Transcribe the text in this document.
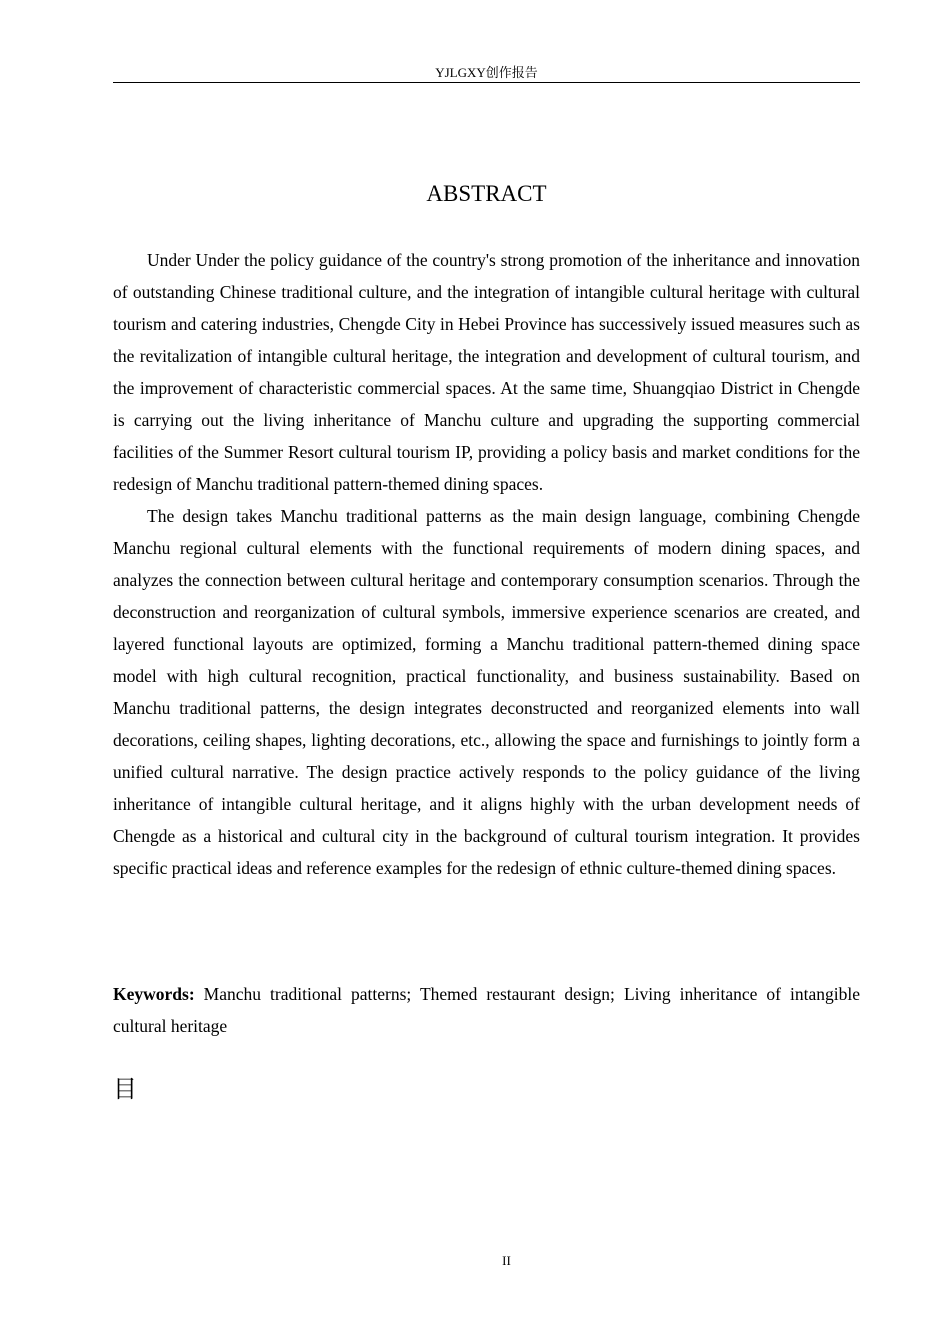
YJLGXY创作报告
ABSTRACT

Under Under the policy guidance of the country's strong promotion of the inheritance and innovation of outstanding Chinese traditional culture, and the integration of intangible cultural heritage with cultural tourism and catering industries, Chengde City in Hebei Province has successively issued measures such as the revitalization of intangible cultural heritage, the integration and development of cultural tourism, and the improvement of characteristic commercial spaces. At the same time, Shuangqiao District in Chengde is carrying out the living inheritance of Manchu culture and upgrading the supporting commercial facilities of the Summer Resort cultural tourism IP, providing a policy basis and market conditions for the redesign of Manchu traditional pattern-themed dining spaces.

The design takes Manchu traditional patterns as the main design language, combining Chengde Manchu regional cultural elements with the functional requirements of modern dining spaces, and analyzes the connection between cultural heritage and contemporary consumption scenarios. Through the deconstruction and reorganization of cultural symbols, immersive experience scenarios are created, and layered functional layouts are optimized, forming a Manchu traditional pattern-themed dining space model with high cultural recognition, practical functionality, and business sustainability. Based on Manchu traditional patterns, the design integrates deconstructed and reorganized elements into wall decorations, ceiling shapes, lighting decorations, etc., allowing the space and furnishings to jointly form a unified cultural narrative. The design practice actively responds to the policy guidance of the living inheritance of intangible cultural heritage, and it aligns highly with the urban development needs of Chengde as a historical and cultural city in the background of cultural tourism integration. It provides specific practical ideas and reference examples for the redesign of ethnic culture-themed dining spaces.

Keywords: Manchu traditional patterns; Themed restaurant design; Living inheritance of intangible cultural heritage

目
II
